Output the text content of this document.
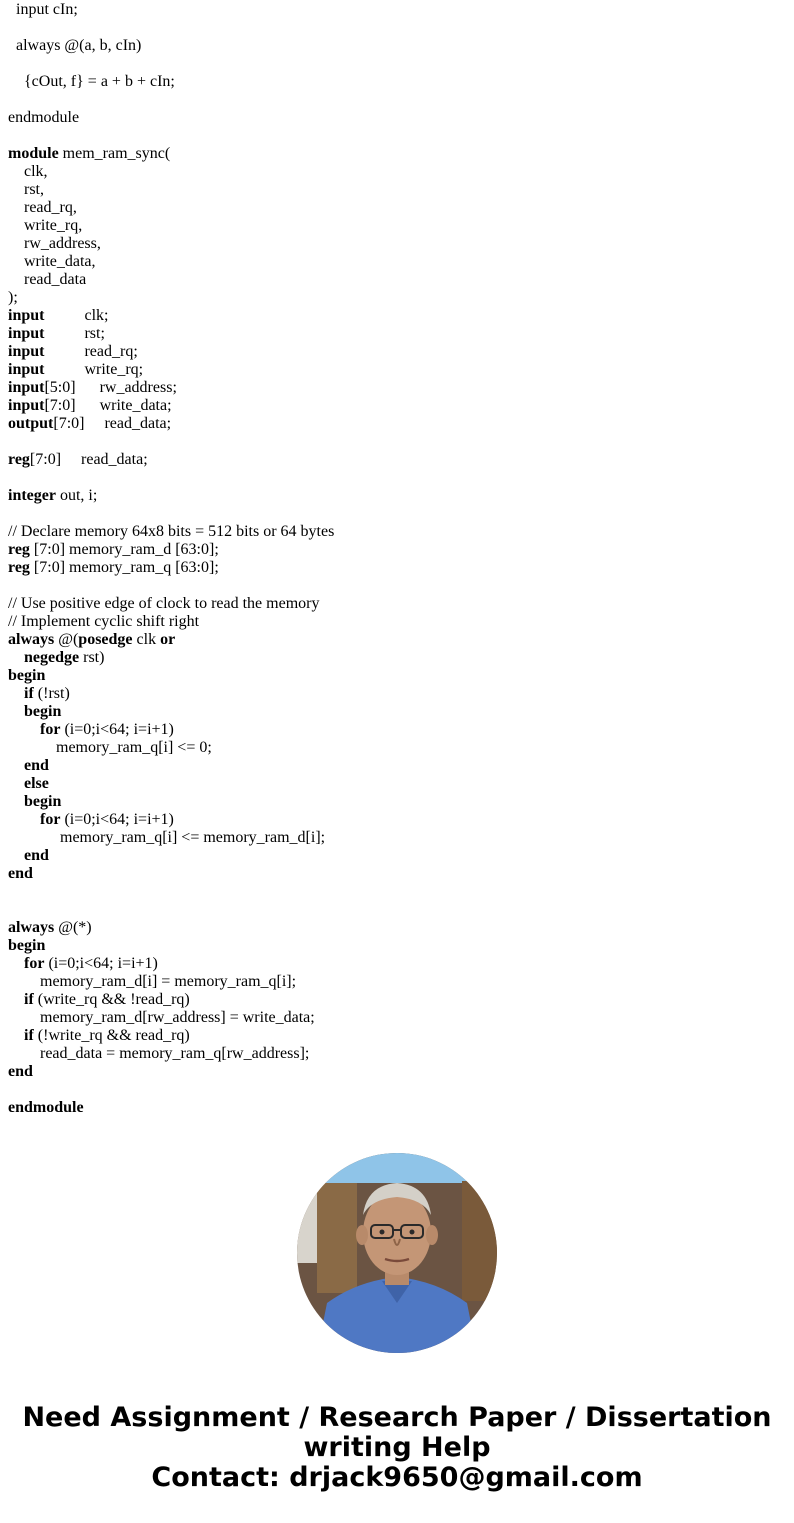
input cIn;
always @(a, b, cIn)
{cOut, f} = a + b + cIn;
endmodule
module mem_ram_sync(
clk,
rst,
read_rq,
write_rq,
rw_address,
write_data,
read_data
);
input          clk;
input          rst;
input          read_rq;
input          write_rq;
input[5:0]      rw_address;
input[7:0]      write_data;
output[7:0]     read_data;
reg[7:0]     read_data;
integer out, i;
// Declare memory 64x8 bits = 512 bits or 64 bytes
reg [7:0] memory_ram_d [63:0];
reg [7:0] memory_ram_q [63:0];
// Use positive edge of clock to read the memory
// Implement cyclic shift right
always @(posedge clk or
negedge rst)
begin
if (!rst)
begin
for (i=0;i<64; i=i+1)
memory_ram_q[i] <= 0;
end
else
begin
for (i=0;i<64; i=i+1)
memory_ram_q[i] <= memory_ram_d[i];
end
end
always @(*)
begin
for (i=0;i<64; i=i+1)
memory_ram_d[i] = memory_ram_q[i];
if (write_rq && !read_rq)
memory_ram_d[rw_address] = write_data;
if (!write_rq && read_rq)
read_data = memory_ram_q[rw_address];
end
endmodule
Need Assignment / Research Paper / Dissertation
writing Help
Contact: drjack9650@gmail.com
